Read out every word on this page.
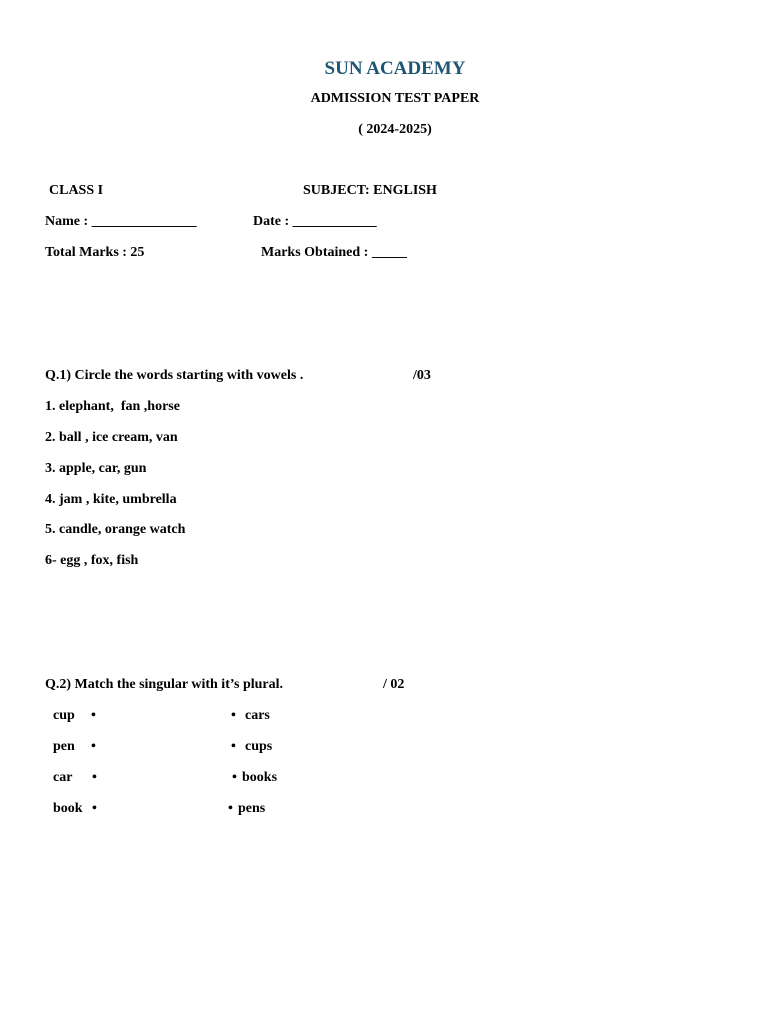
SUN ACADEMY
ADMISSION TEST PAPER
( 2024-2025)
CLASS I	SUBJECT: ENGLISH
Name : _______________	Date : ____________
Total Marks : 25	Marks Obtained : _____
Q.1) Circle the words starting with vowels .	/03
1. elephant,  fan ,horse
2. ball , ice cream, van
3. apple, car, gun
4. jam , kite, umbrella
5. candle, orange watch
6- egg , fox, fish
Q.2) Match the singular with it’s plural.	/ 02
cup •	• cars
pen •	• cups
car •	• books
book •	• pens
